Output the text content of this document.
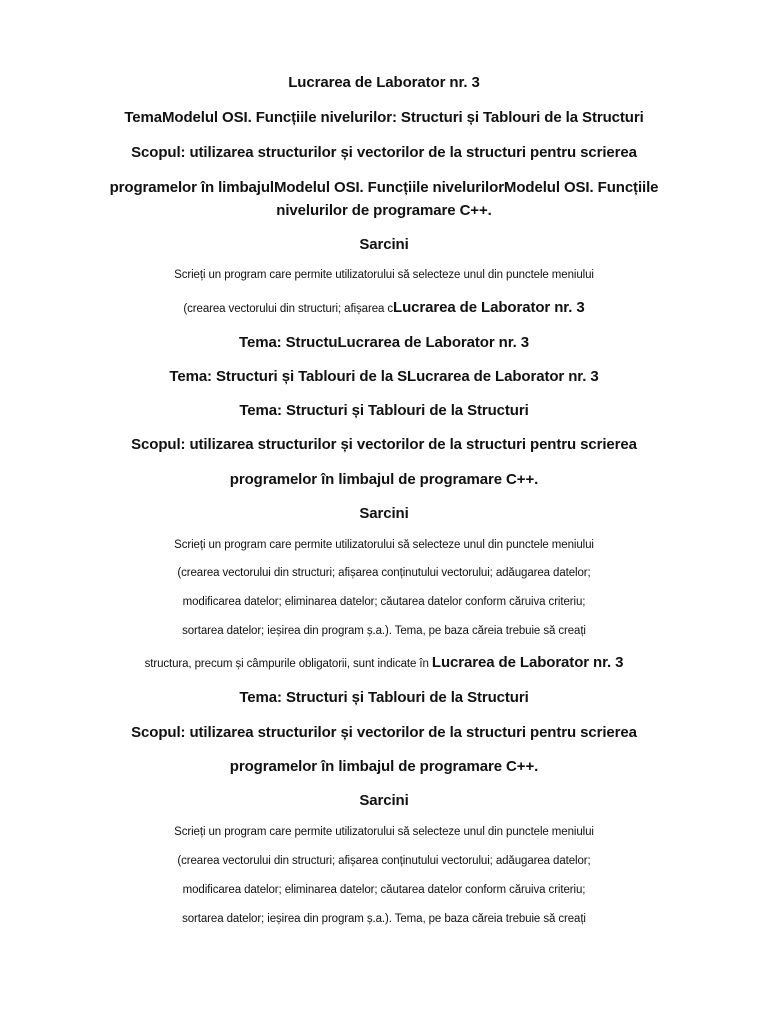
Lucrarea de Laborator nr. 3

TemaModelul OSI. Funcțiile nivelurilor: Structuri și Tablouri de la Structuri

Scopul: utilizarea structurilor și vectorilor de la structuri pentru scrierea

programelor în limbajulModelul OSI. Funcțiile nivelurilorModelul OSI. Funcțiile

nivelurilor de programare C++.

Sarcini

Scrieți un program care permite utilizatorului să selecteze unul din punctele meniului

(crearea vectorului din structuri; afișarea cLucrarea de Laborator nr. 3

Tema: StructuLucrarea de Laborator nr. 3

Tema: Structuri și Tablouri de la SLucrarea de Laborator nr. 3

Tema: Structuri și Tablouri de la Structuri

Scopul: utilizarea structurilor și vectorilor de la structuri pentru scrierea

programelor în limbajul de programare C++.

Sarcini

Scrieți un program care permite utilizatorului să selecteze unul din punctele meniului

(crearea vectorului din structuri; afișarea conținutului vectorului; adăugarea datelor;

modificarea datelor; eliminarea datelor; căutarea datelor conform căruiva criteriu;

sortarea datelor; ieșirea din program ș.a.). Tema, pe baza căreia trebuie să creați

structura, precum și câmpurile obligatorii, sunt indicate în Lucrarea de Laborator nr. 3

Tema: Structuri și Tablouri de la Structuri

Scopul: utilizarea structurilor și vectorilor de la structuri pentru scrierea

programelor în limbajul de programare C++.

Sarcini

Scrieți un program care permite utilizatorului să selecteze unul din punctele meniului

(crearea vectorului din structuri; afișarea conținutului vectorului; adăugarea datelor;

modificarea datelor; eliminarea datelor; căutarea datelor conform căruiva criteriu;

sortarea datelor; ieșirea din program ș.a.). Tema, pe baza căreia trebuie să creați
